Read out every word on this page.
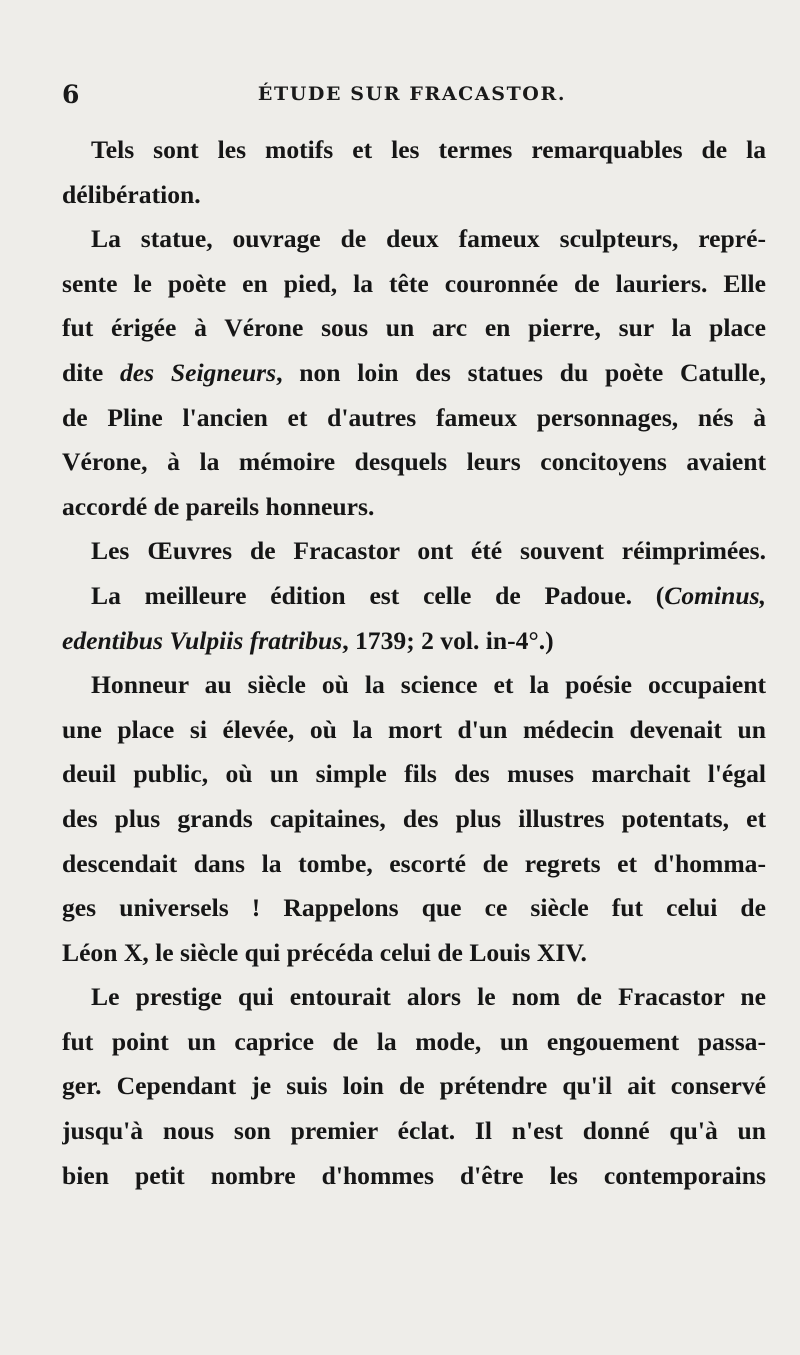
6	ÉTUDE SUR FRACASTOR.
Tels sont les motifs et les termes remarquables de la
délibération.
La statue, ouvrage de deux fameux sculpteurs, repré-
sente le poète en pied, la tête couronnée de lauriers. Elle
fut érigée à Vérone sous un arc en pierre, sur la place
dite des Seigneurs, non loin des statues du poète Catulle,
de Pline l'ancien et d'autres fameux personnages, nés à
Vérone, à la mémoire desquels leurs concitoyens avaient
accordé de pareils honneurs.
Les Œuvres de Fracastor ont été souvent réimprimées.
La meilleure édition est celle de Padoue. (Cominus,
edentibus Vulpiis fratribus, 1739; 2 vol. in-4°.)
Honneur au siècle où la science et la poésie occupaient
une place si élevée, où la mort d'un médecin devenait un
deuil public, où un simple fils des muses marchait l'égal
des plus grands capitaines, des plus illustres potentats, et
descendait dans la tombe, escorté de regrets et d'homma-
ges universels ! Rappelons que ce siècle fut celui de
Léon X, le siècle qui précéda celui de Louis XIV.
Le prestige qui entourait alors le nom de Fracastor ne
fut point un caprice de la mode, un engouement passa-
ger. Cependant je suis loin de prétendre qu'il ait conservé
jusqu'à nous son premier éclat. Il n'est donné qu'à un
bien petit nombre d'hommes d'être les contemporains
